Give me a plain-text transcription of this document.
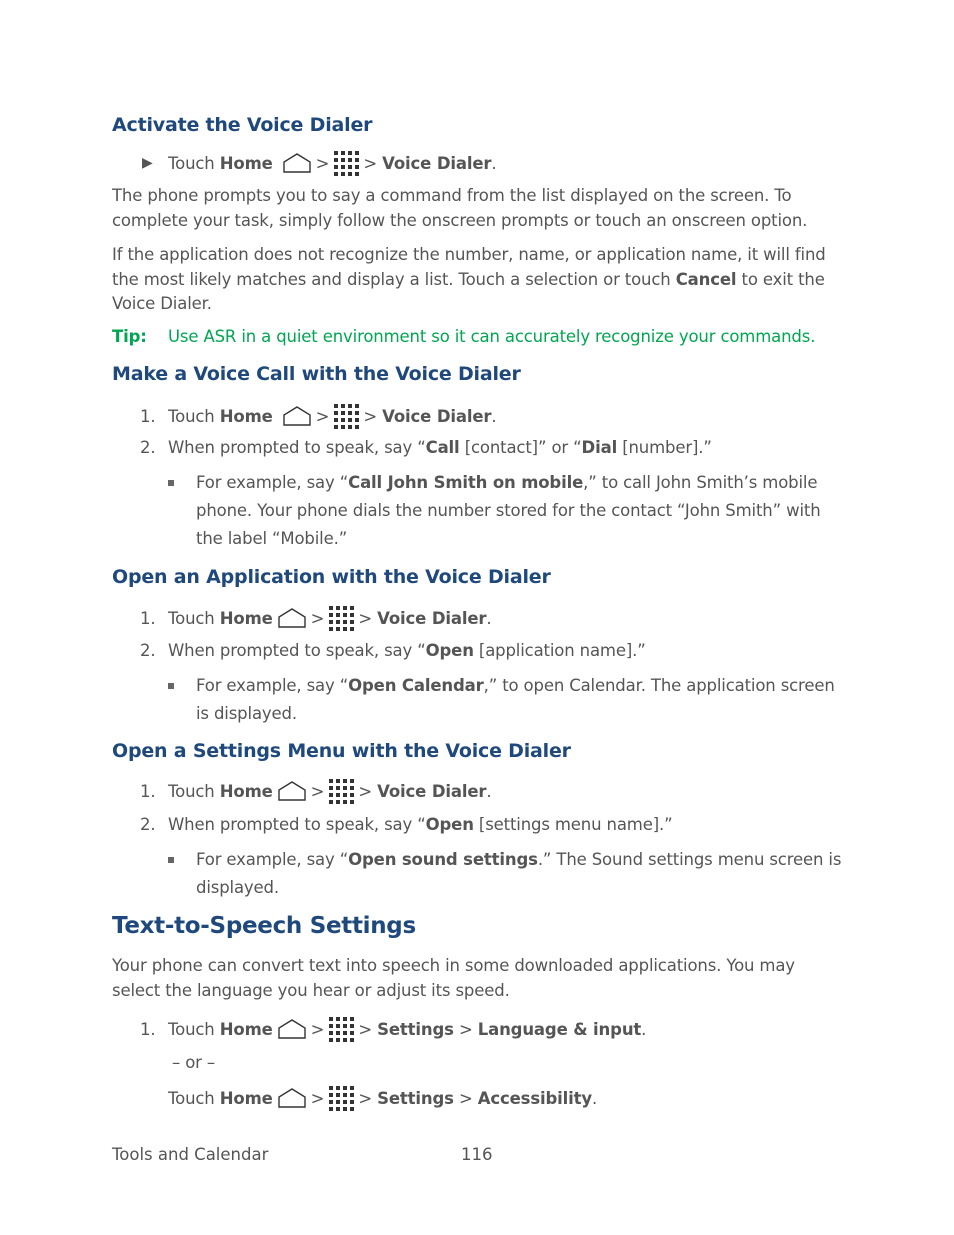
Activate the Voice Dialer
▶ Touch
Home	> >
Voice Dialer .
The phone prompts you to say a command from the list displayed on the screen. To complete your task, simply follow the onscreen prompts or touch an onscreen option.
If the application does not recognize the number, name, or application name, it will find the most likely matches and display a list. Touch a selection or touch Cancel to exit the Voice Dialer.
Tip: Use ASR in a quiet environment so it can accurately recognize your commands.
Make a Voice Call with the Voice Dialer
1. Touch
Home	> >
Voice Dialer .
2. When prompted to speak, say “ Call
[contact]” or “ Dial
[number].”
For example, say “Call John Smith on mobile,” to call John Smith’s mobile phone. Your phone dials the number stored for the contact “John Smith” with the label “Mobile.”
Open an Application with the Voice Dialer
1. Touch
Home > >
Voice Dialer .
2. When prompted to speak, say “ Open
[application name].”
For example, say “Open Calendar,” to open Calendar. The application screen is displayed.
Open a Settings Menu with the Voice Dialer
1. Touch
Home > >
Voice Dialer .
2. When prompted to speak, say “ Open
[settings menu name].”
For example, say “Open sound settings.” The Sound settings menu screen is displayed.
Text-to-Speech Settings
Your phone can convert text into speech in some downloaded applications. You may select the language you hear or adjust its speed.
1. Touch
Home > >
Settings
>
Language & input .
– or –
Touch
Home > >
Settings
>
Accessibility .
Tools and Calendar	116
